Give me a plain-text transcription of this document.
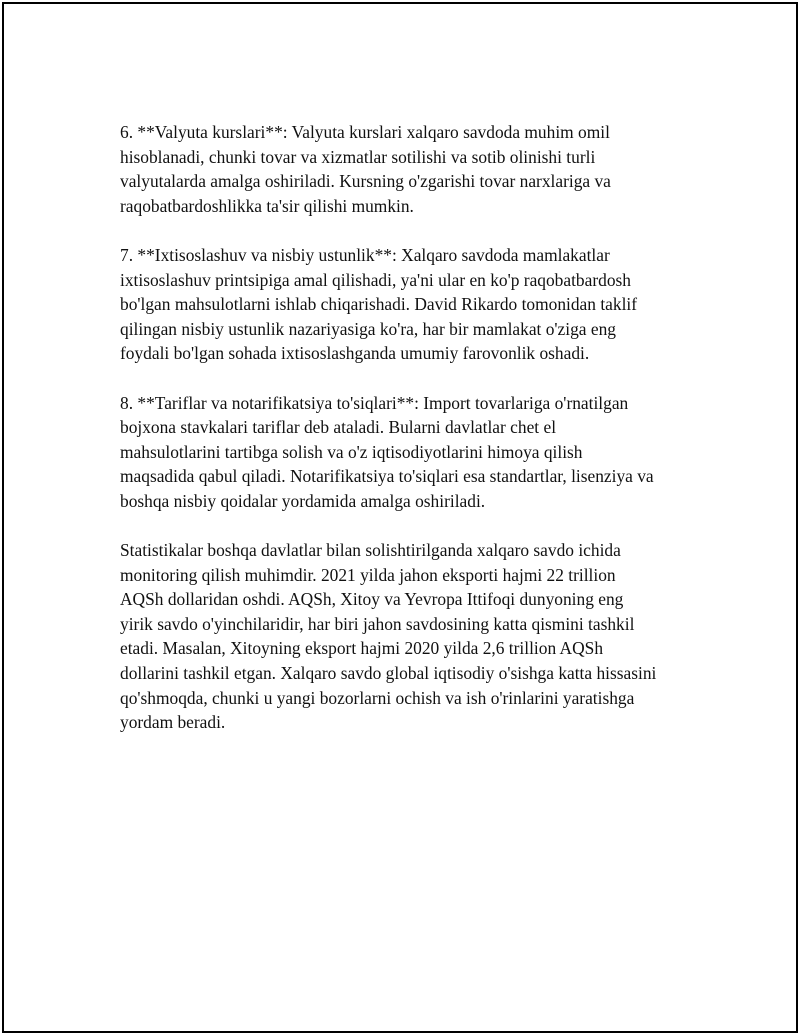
6. **Valyuta kurslari**: Valyuta kurslari xalqaro savdoda muhim omil
hisoblanadi, chunki tovar va xizmatlar sotilishi va sotib olinishi turli
valyutalarda amalga oshiriladi. Kursning o'zgarishi tovar narxlariga va
raqobatbardoshlikka ta'sir qilishi mumkin.

7. **Ixtisoslashuv va nisbiy ustunlik**: Xalqaro savdoda mamlakatlar
ixtisoslashuv printsipiga amal qilishadi, ya'ni ular en ko'p raqobatbardosh
bo'lgan mahsulotlarni ishlab chiqarishadi. David Rikardo tomonidan taklif
qilingan nisbiy ustunlik nazariyasiga ko'ra, har bir mamlakat o'ziga eng
foydali bo'lgan sohada ixtisoslashganda umumiy farovonlik oshadi.

8. **Tariflar va notarifikatsiya to'siqlari**: Import tovarlariga o'rnatilgan
bojxona stavkalari tariflar deb ataladi. Bularni davlatlar chet el
mahsulotlarini tartibga solish va o'z iqtisodiyotlarini himoya qilish
maqsadida qabul qiladi. Notarifikatsiya to'siqlari esa standartlar, lisenziya va
boshqa nisbiy qoidalar yordamida amalga oshiriladi.

Statistikalar boshqa davlatlar bilan solishtirilganda xalqaro savdo ichida
monitoring qilish muhimdir. 2021 yilda jahon eksporti hajmi 22 trillion
AQSh dollaridan oshdi. AQSh, Xitoy va Yevropa Ittifoqi dunyoning eng
yirik savdo o'yinchilaridir, har biri jahon savdosining katta qismini tashkil
etadi. Masalan, Xitoyning eksport hajmi 2020 yilda 2,6 trillion AQSh
dollarini tashkil etgan. Xalqaro savdo global iqtisodiy o'sishga katta hissasini
qo'shmoqda, chunki u yangi bozorlarni ochish va ish o'rinlarini yaratishga
yordam beradi.
